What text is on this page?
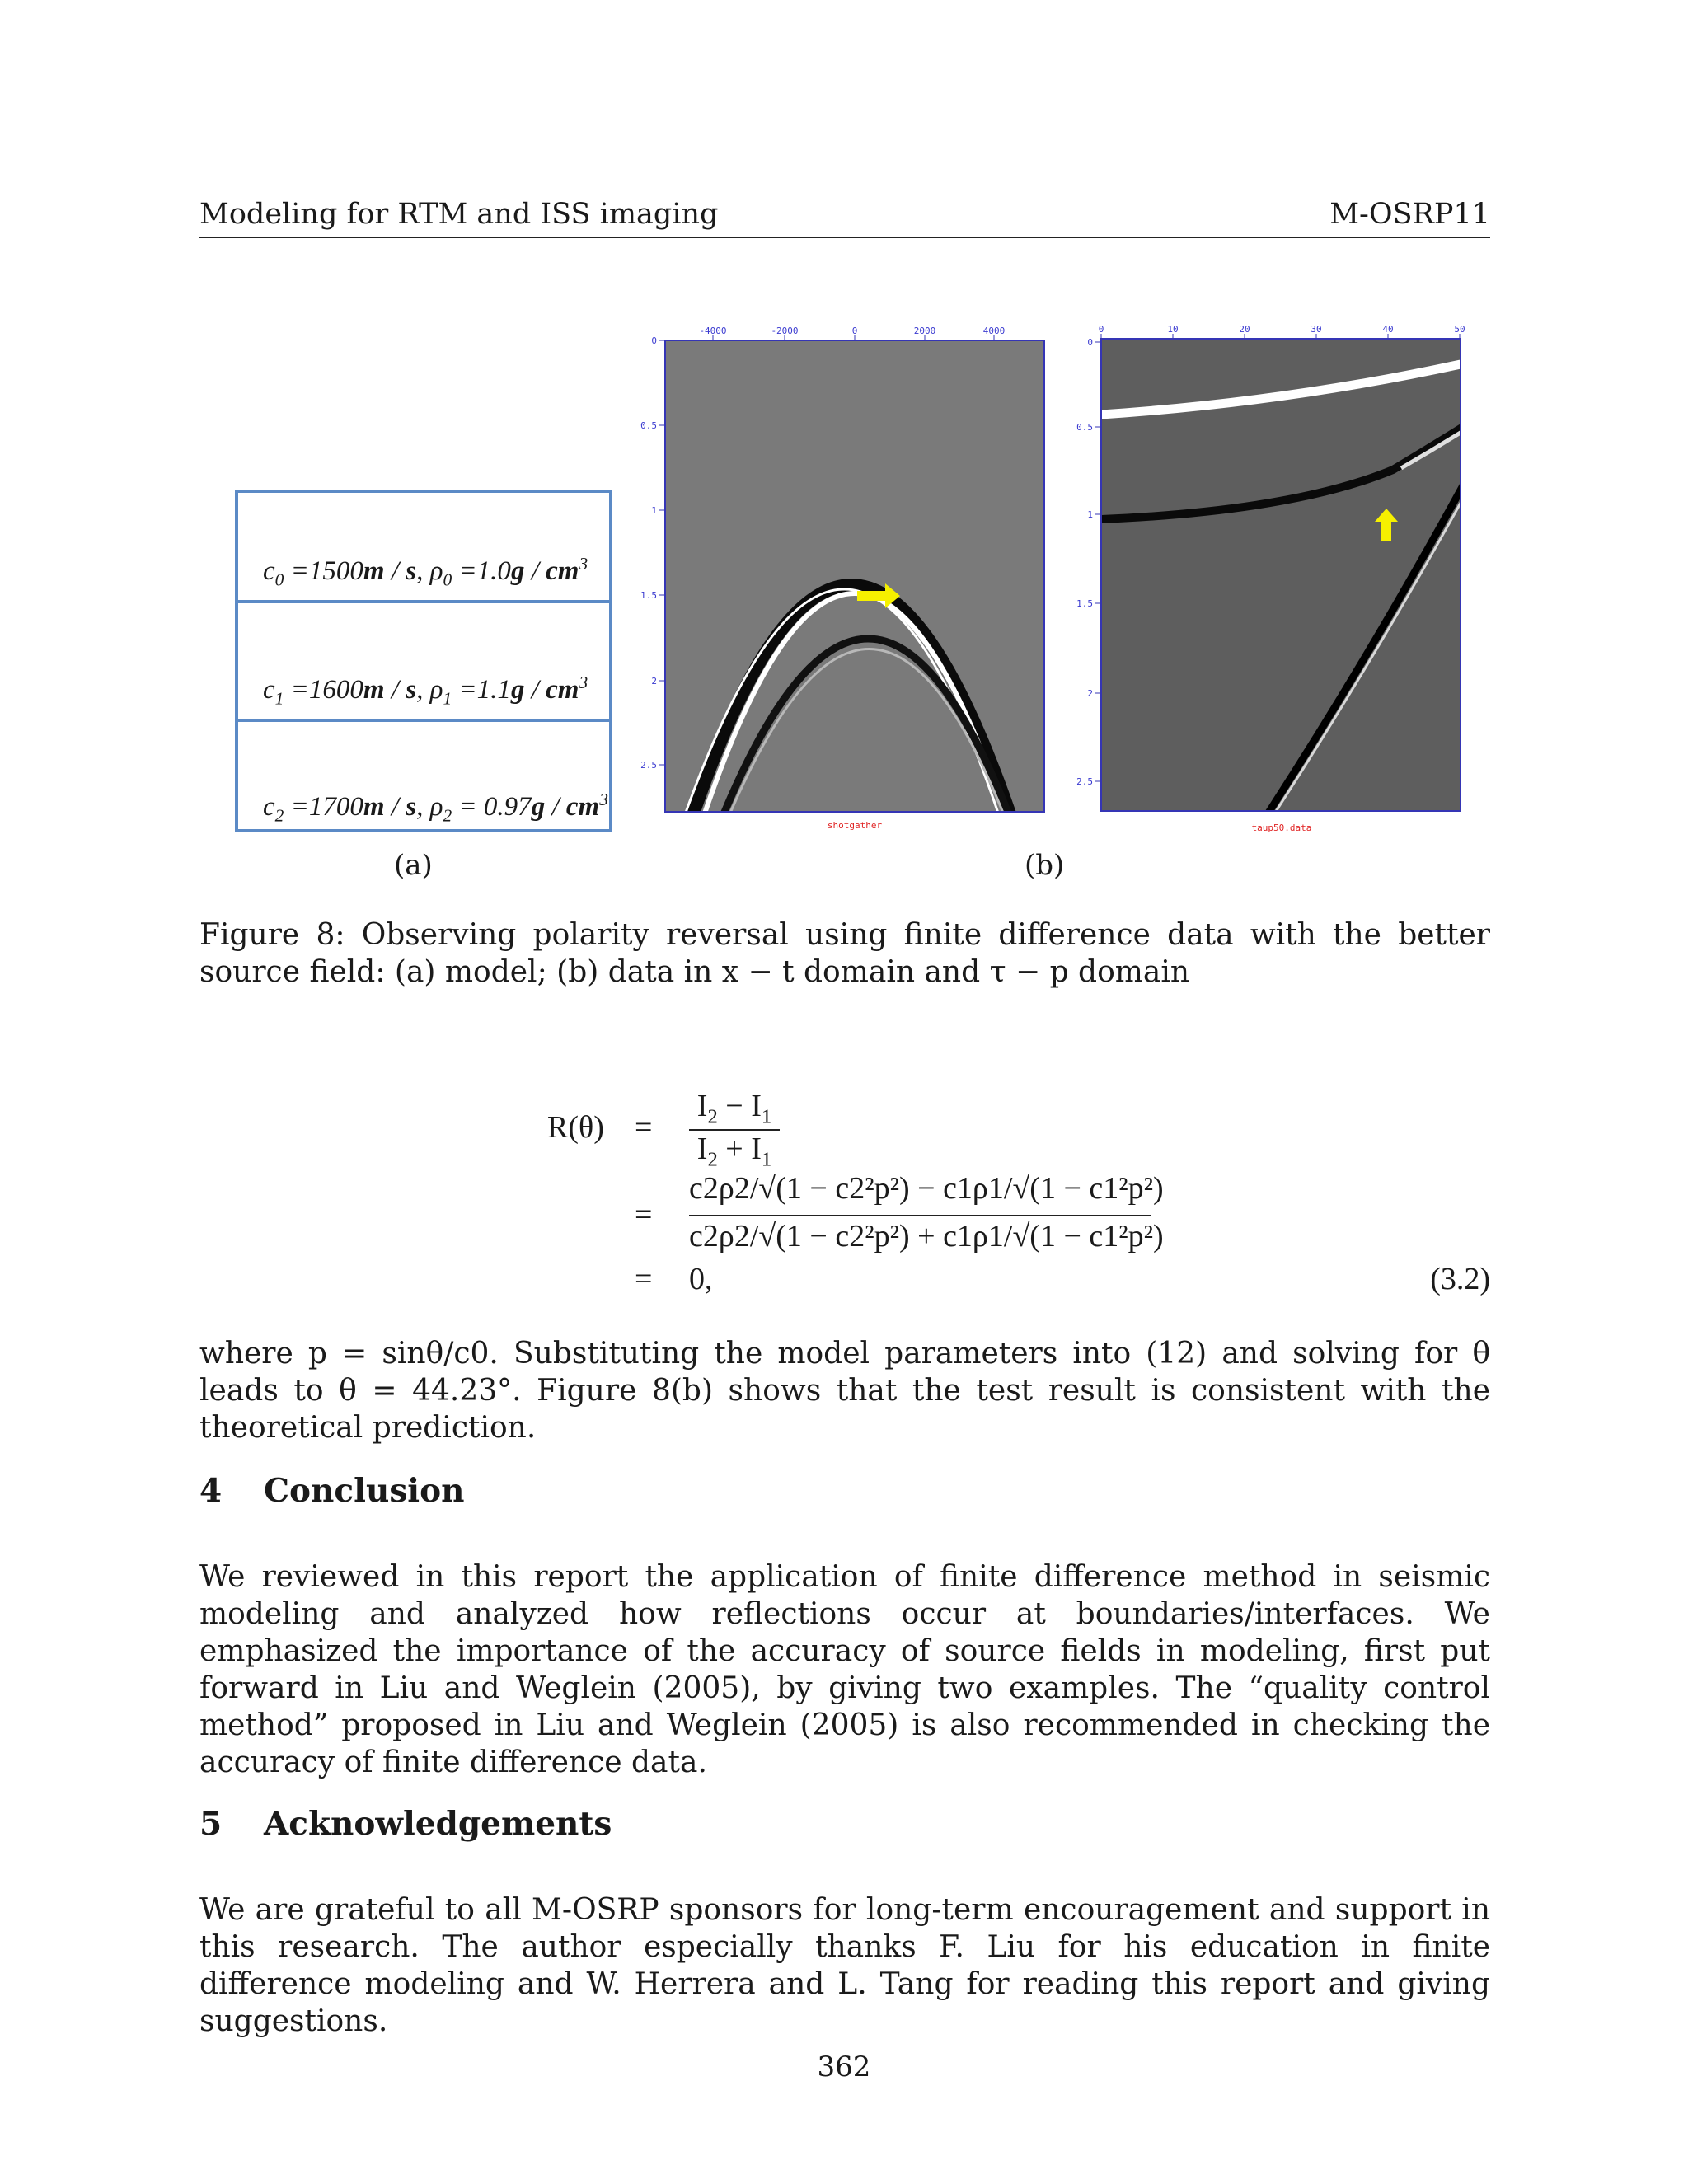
Modeling for RTM and ISS imaging	M-OSRP11
$c_0 =1500m / s$, $\rho_0 =1.0g / cm^3$
$c_1 =1600m / s$, $\rho_1 =1.1g / cm^3$
$c_2 =1700m / s$, $\rho_2 = 0.97g / cm^3$
(a)
-4000	-2000	0	2000	4000
0
0.5
1
1.5
2
2.5
shotgather
0	10	20	30	40	50
0
0.5
1
1.5
2
2.5
taup50.data
(b)
Figure 8: Observing polarity reversal using finite difference data with the better source field: (a) model; (b) data in x − t domain and τ − p domain
R(θ) =
$I_2 - I_1$
$I_2 + I_1$
=
c2ρ2/√(1 − c2²p²) − c1ρ1/√(1 − c1²p²)
c2ρ2/√(1 − c2²p²) + c1ρ1/√(1 − c1²p²)
= 0,	(3.2)
where p = sinθ/c0. Substituting the model parameters into (12) and solving for θ leads to θ = 44.23°. Figure 8(b) shows that the test result is consistent with the theoretical prediction.
4 Conclusion
We reviewed in this report the application of finite difference method in seismic modeling and analyzed how reflections occur at boundaries/interfaces. We emphasized the importance of the accuracy of source fields in modeling, first put forward in Liu and Weglein (2005), by giving two examples. The “quality control method” proposed in Liu and Weglein (2005) is also recommended in checking the accuracy of finite difference data.
5 Acknowledgements
We are grateful to all M-OSRP sponsors for long-term encouragement and support in this research. The author especially thanks F. Liu for his education in finite difference modeling and W. Herrera and L. Tang for reading this report and giving suggestions.
362
